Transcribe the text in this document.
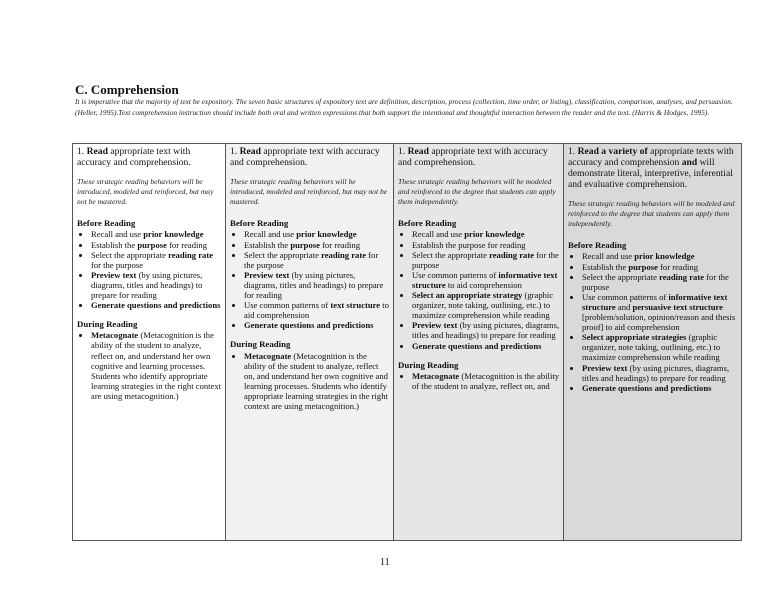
C. Comprehension
It is imperative that the majority of text be expository. The seven basic structures of expository text are definition, description, process (collection, time order, or listing), classification, comparison, analyses, and persuasion. (Heller, 1995).Text comprehension instruction should include both oral and written expressions that both support the intentional and thoughtful interaction between the reader and the text. (Harris & Hodges, 1995).
1. Read appropriate text with accuracy and comprehension.
These strategic reading behaviors will be introduced, modeled and reinforced, but may not be mastered.
Before Reading
• Recall and use prior knowledge
• Establish the purpose for reading
• Select the appropriate reading rate for the purpose
• Preview text (by using pictures, diagrams, titles and headings) to prepare for reading
• Generate questions and predictions
During Reading
• Metacognate (Metacognition is the ability of the student to analyze, reflect on, and understand her own cognitive and learning processes. Students who identify appropriate learning strategies in the right context are using metacognition.)

1. Read appropriate text with accuracy and comprehension.
These strategic reading behaviors will be introduced, modeled and reinforced, but may not be mastered.
Before Reading
• Recall and use prior knowledge
• Establish the purpose for reading
• Select the appropriate reading rate for the purpose
• Preview text (by using pictures, diagrams, titles and headings) to prepare for reading
• Use common patterns of text structure to aid comprehension
• Generate questions and predictions
During Reading
• Metacognate (Metacognition is the ability of the student to analyze, reflect on, and understand her own cognitive and learning processes. Students who identify appropriate learning strategies in the right context are using metacognition.)

1. Read appropriate text with accuracy and comprehension.
These strategic reading behaviors will be modeled and reinforced to the degree that students can apply them independently.
Before Reading
• Recall and use prior knowledge
• Establish the purpose for reading
• Select the appropriate reading rate for the purpose
• Use common patterns of informative text structure to aid comprehension
• Select an appropriate strategy (graphic organizer, note taking, outlining, etc.) to maximize comprehension while reading
• Preview text (by using pictures, diagrams, titles and headings) to prepare for reading
• Generate questions and predictions
During Reading
• Metacognate (Metacognition is the ability of the student to analyze, reflect on, and

1. Read a variety of appropriate texts with accuracy and comprehension and will demonstrate literal, interpretive, inferential and evaluative comprehension.
These strategic reading behaviors will be modeled and reinforced to the degree that students can apply them independently.
Before Reading
• Recall and use prior knowledge
• Establish the purpose for reading
• Select the appropriate reading rate for the purpose
• Use common patterns of informative text structure and persuasive text structure [problem/solution, opinion/reason and thesis proof] to aid comprehension
• Select appropriate strategies (graphic organizer, note taking, outlining, etc.) to maximize comprehension while reading
• Preview text (by using pictures, diagrams, titles and headings) to prepare for reading
• Generate questions and predictions
11
